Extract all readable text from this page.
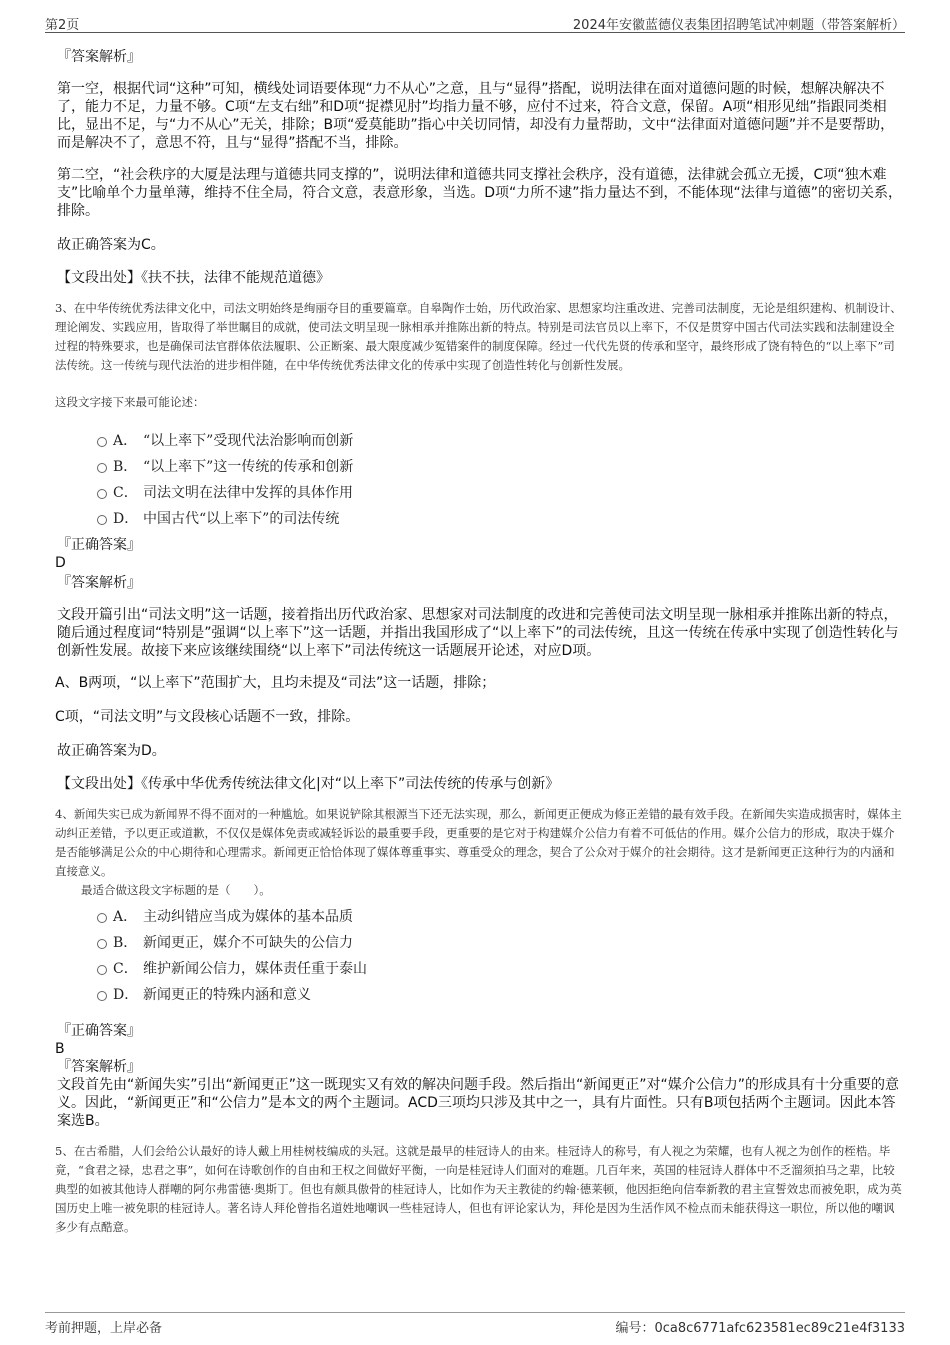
第2页	2024年安徽蓝德仪表集团招聘笔试冲刺题（带答案解析）

『答案解析』

第一空，根据代词“这种”可知，横线处词语要体现“力不从心”之意，且与“显得”搭配，说明法律在面对道德问题的时候，想解决解决不了，能力不足，力量不够。C项“左支右绌”和D项“捉襟见肘”均指力量不够，应付不过来，符合文意，保留。A项“相形见绌”指跟同类相比，显出不足，与“力不从心”无关，排除；B项“爱莫能助”指心中关切同情，却没有力量帮助，文中“法律面对道德问题”并不是要帮助，而是解决不了，意思不符，且与“显得”搭配不当，排除。

第二空，“社会秩序的大厦是法理与道德共同支撑的”，说明法律和道德共同支撑社会秩序，没有道德，法律就会孤立无援，C项“独木难支”比喻单个力量单薄，维持不住全局，符合文意，表意形象，当选。D项“力所不逮”指力量达不到，不能体现“法律与道德”的密切关系，排除。

故正确答案为C。

【文段出处】《扶不扶，法律不能规范道德》

3、在中华传统优秀法律文化中，司法文明始终是绚丽夺目的重要篇章。自皋陶作士始，历代政治家、思想家均注重改进、完善司法制度，无论是组织建构、机制设计、理论阐发、实践应用，皆取得了举世瞩目的成就，使司法文明呈现一脉相承并推陈出新的特点。特别是司法官员以上率下，不仅是贯穿中国古代司法实践和法制建设全过程的特殊要求，也是确保司法官群体依法履职、公正断案、最大限度减少冤错案件的制度保障。经过一代代先贤的传承和坚守，最终形成了饶有特色的“以上率下”司法传统。这一传统与现代法治的进步相伴随，在中华传统优秀法律文化的传承中实现了创造性转化与创新性发展。

这段文字接下来最可能论述：

A． “以上率下”受现代法治影响而创新
B． “以上率下”这一传统的传承和创新
C． 司法文明在法律中发挥的具体作用
D． 中国古代“以上率下”的司法传统

『正确答案』

D

『答案解析』

文段开篇引出“司法文明”这一话题，接着指出历代政治家、思想家对司法制度的改进和完善使司法文明呈现一脉相承并推陈出新的特点，随后通过程度词“特别是”强调“以上率下”这一话题，并指出我国形成了“以上率下”的司法传统，且这一传统在传承中实现了创造性转化与创新性发展。故接下来应该继续围绕“以上率下”司法传统这一话题展开论述，对应D项。

A、B两项，“以上率下”范围扩大，且均未提及“司法”这一话题，排除；

C项，“司法文明”与文段核心话题不一致，排除。

故正确答案为D。

【文段出处】《传承中华优秀传统法律文化|对“以上率下”司法传统的传承与创新》

4、新闻失实已成为新闻界不得不面对的一种尴尬。如果说铲除其根源当下还无法实现，那么，新闻更正便成为修正差错的最有效手段。在新闻失实造成损害时，媒体主动纠正差错，予以更正或道歉，不仅仅是媒体免责或减轻诉讼的最重要手段，更重要的是它对于构建媒介公信力有着不可低估的作用。媒介公信力的形成，取决于媒介是否能够满足公众的中心期待和心理需求。新闻更正恰恰体现了媒体尊重事实、尊重受众的理念，契合了公众对于媒介的社会期待。这才是新闻更正这种行为的内涵和直接意义。

最适合做这段文字标题的是（　　）。

A． 主动纠错应当成为媒体的基本品质
B． 新闻更正，媒介不可缺失的公信力
C． 维护新闻公信力，媒体责任重于泰山
D． 新闻更正的特殊内涵和意义

『正确答案』

B

『答案解析』

文段首先由“新闻失实”引出“新闻更正”这一既现实又有效的解决问题手段。然后指出“新闻更正”对“媒介公信力”的形成具有十分重要的意义。因此，“新闻更正”和“公信力”是本文的两个主题词。ACD三项均只涉及其中之一，具有片面性。只有B项包括两个主题词。因此本答案选B。

5、在古希腊，人们会给公认最好的诗人戴上用桂树枝编成的头冠。这就是最早的桂冠诗人的由来。桂冠诗人的称号，有人视之为荣耀，也有人视之为创作的桎梏。毕竟，“食君之禄，忠君之事”，如何在诗歌创作的自由和王权之间做好平衡，一向是桂冠诗人们面对的难题。几百年来，英国的桂冠诗人群体中不乏溜须拍马之辈，比较典型的如被其他诗人群嘲的阿尔弗雷德·奥斯丁。但也有颇具傲骨的桂冠诗人，比如作为天主教徒的约翰·德莱顿，他因拒绝向信奉新教的君主宣誓效忠而被免职，成为英国历史上唯一被免职的桂冠诗人。著名诗人拜伦曾指名道姓地嘲讽一些桂冠诗人，但也有评论家认为，拜伦是因为生活作风不检点而未能获得这一职位，所以他的嘲讽多少有点酷意。

考前押题，上岸必备	编号：0ca8c6771afc623581ec89c21e4f3133
